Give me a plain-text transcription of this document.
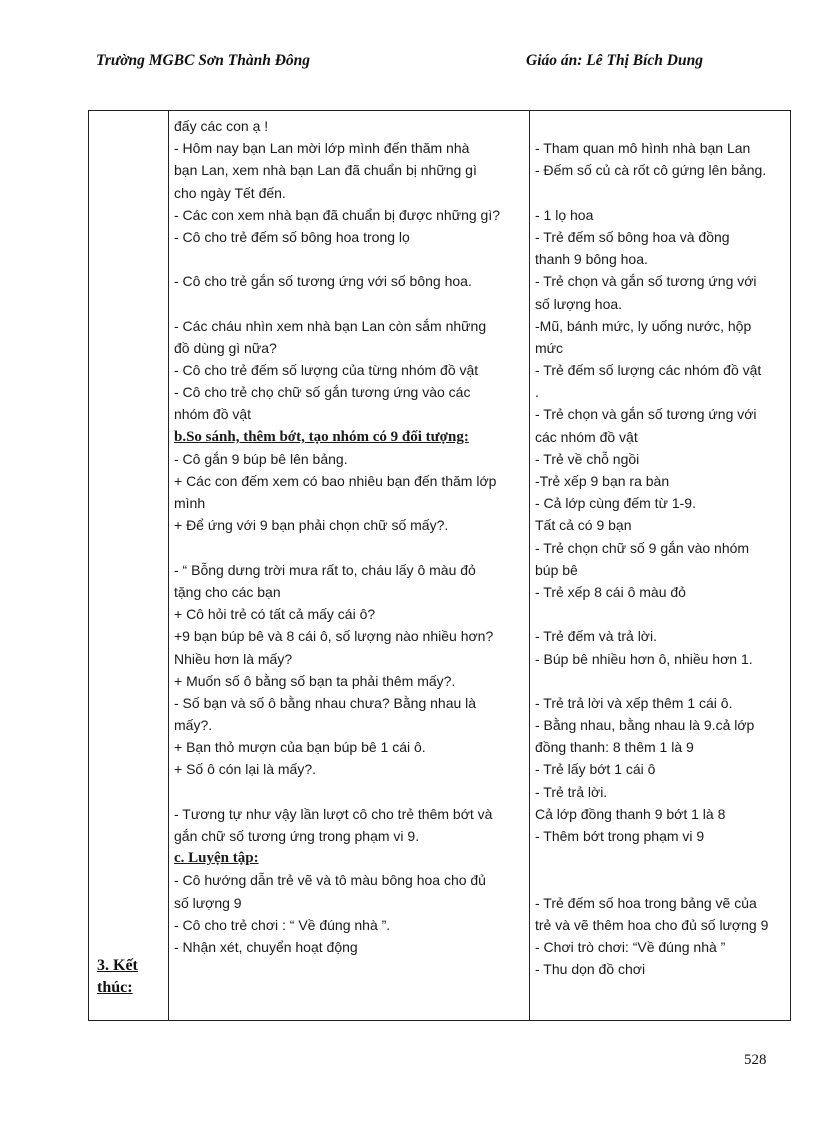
Trường MGBC Sơn Thành Đông	Giáo án: Lê Thị Bích Dung
3. Kết
thúc:
đấy các con ạ !
- Hôm nay bạn Lan mời lớp mình đến thăm nhà
bạn Lan, xem nhà bạn Lan đã chuẩn bị những gì
cho ngày Tết đến.
- Các con xem nhà bạn đã chuẩn bị được những gì?
- Cô cho trẻ đếm số bông hoa trong lọ
- Cô cho trẻ gắn số tương ứng với số bông hoa.
- Các cháu nhìn xem nhà bạn Lan còn sắm những
đồ dùng gì nữa?
- Cô cho trẻ đếm số lượng của từng nhóm đồ vật
- Cô cho trẻ chọ chữ số gắn tương ứng vào các
nhóm đồ vật
b.So sánh, thêm bớt, tạo nhóm có 9 đối tượng:
- Cô gắn 9 búp bê lên bảng.
+ Các con đếm xem có bao nhiêu bạn đến thăm lớp
mình
+ Để ứng với 9 bạn phải chọn chữ số mấy?.
- “ Bỗng dưng trời mưa rất to, cháu lấy ô màu đỏ
tặng cho các bạn
+ Cô hỏi trẻ có tất cả mấy cái ô?
+9 bạn búp bê và 8 cái ô, số lượng nào nhiều hơn?
Nhiều hơn là mấy?
+ Muốn số ô bằng số bạn ta phải thêm mấy?.
- Số bạn và số ô bằng nhau chưa? Bằng nhau là
mấy?.
+ Bạn thỏ mượn của bạn búp bê 1 cái ô.
+ Số ô cón lại là mấy?.
- Tương tự như vậy lần lượt cô cho trẻ thêm bớt và
gắn chữ số tương ứng trong phạm vi 9.
c. Luyện tập:
- Cô hướng dẫn trẻ vẽ và tô màu bông hoa cho đủ
số lượng 9
- Cô cho trẻ chơi : “ Về đúng nhà ”.
- Nhận xét, chuyển hoạt động
- Tham quan mô hình nhà bạn Lan
- Đếm số củ cà rốt cô gứng lên bảng.
- 1 lọ hoa
- Trẻ đếm số bông hoa và đồng
thanh 9 bông hoa.
- Trẻ chọn và gắn số tương ứng với
số lượng hoa.
-Mũ, bánh mức, ly uống nước, hộp
mức
- Trẻ đếm số lượng các nhóm đồ vật
.
- Trẻ chọn và gắn số tương ứng với
các nhóm đồ vật
- Trẻ về chỗ ngồi
-Trẻ xếp 9 bạn ra bàn
- Cả lớp cùng đếm từ 1-9.
Tất cả có 9 bạn
- Trẻ chọn chữ số 9 gắn vào nhóm
búp bê
- Trẻ xếp 8 cái ô màu đỏ
- Trẻ đếm và trả lời.
- Búp bê nhiều hơn ô, nhiều hơn 1.
- Trẻ trả lời và xếp thêm 1 cái ô.
- Bằng nhau, bằng nhau là 9.cả lớp
đồng thanh: 8 thêm 1 là 9
- Trẻ lấy bớt 1 cái ô
- Trẻ trả lời.
Cả lớp đồng thanh 9 bớt 1 là 8
- Thêm bớt trong phạm vi 9
- Trẻ đếm số hoa trong bảng vẽ của
trẻ và vẽ thêm hoa cho đủ số lượng 9
- Chơi trò chơi: “Về đúng nhà ”
- Thu dọn đồ chơi
528
